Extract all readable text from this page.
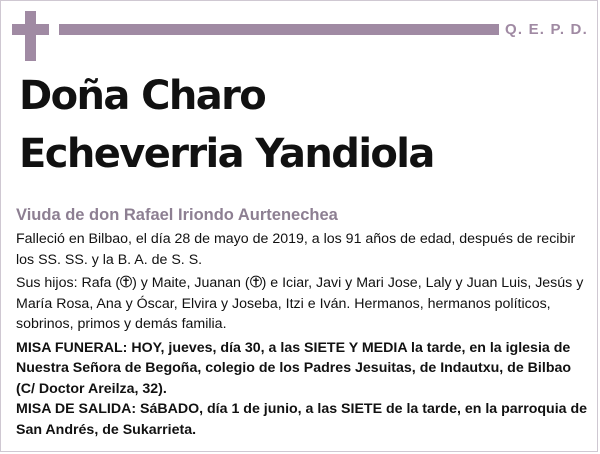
Q. E. P. D.
Doña Charo
Echeverria Yandiola
Viuda de don Rafael Iriondo Aurtenechea

Falleció en Bilbao, el día 28 de mayo de 2019, a los 91 años de edad, después de recibir los SS. SS. y la B. A. de S. S.

Sus hijos: Rafa ( ) y Maite, Juanan ( ) e Iciar, Javi y Mari Jose, Laly y Juan Luis, Jesús y María Rosa, Ana y Óscar, Elvira y Joseba, Itzi e Iván. Hermanos, hermanos políticos, sobrinos, primos y demás familia.

MISA FUNERAL: HOY, jueves, día 30, a las SIETE Y MEDIA la tarde, en la iglesia de Nuestra Señora de Begoña, colegio de los Padres Jesuitas, de Indautxu, de Bilbao (C/ Doctor Areilza, 32).

MISA DE SALIDA: SáBADO, día 1 de junio, a las SIETE de la tarde, en la parroquia de San Andrés, de Sukarrieta.
